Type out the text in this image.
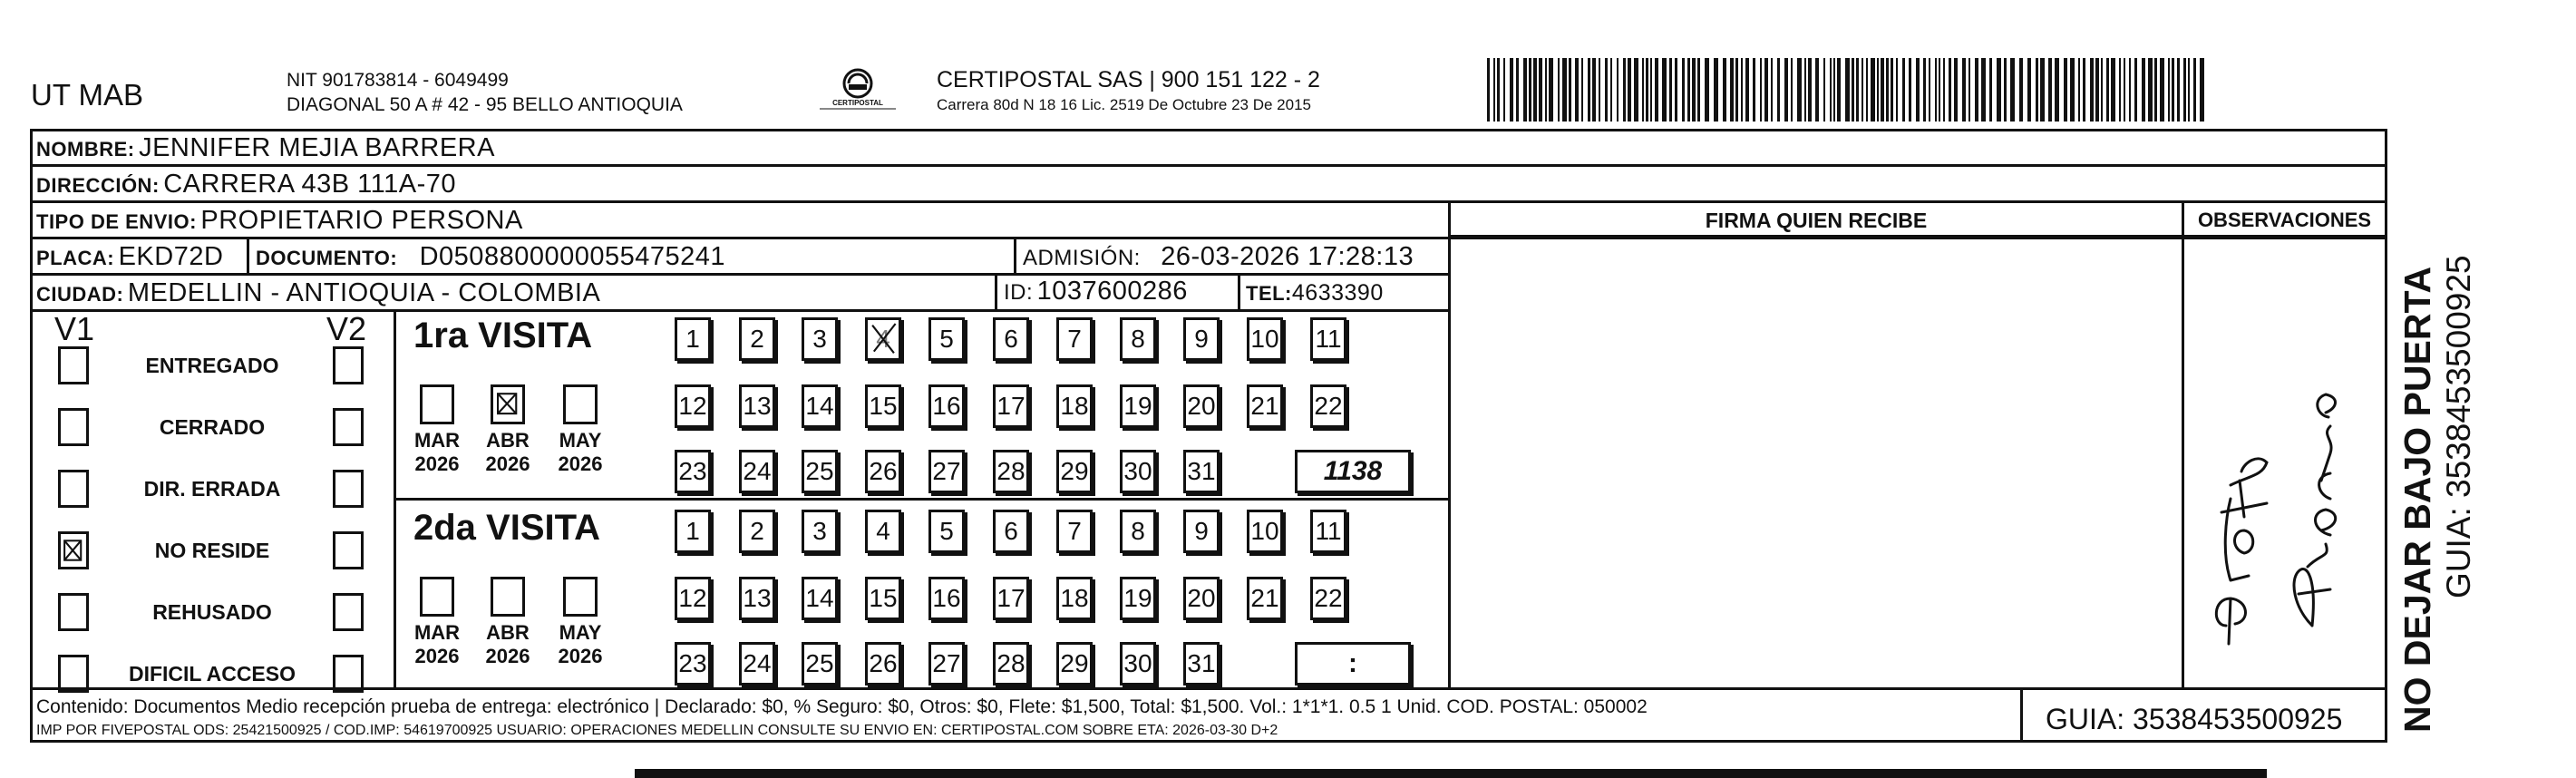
UT MAB	NIT 901783814 - 6049499
DIAGONAL 50 A # 42 - 95 BELLO ANTIOQUIA	CERTIPOSTAL
CERTIPOSTAL SAS | 900 151 122 - 2
Carrera 80d N 18 16 Lic. 2519 De Octubre 23 De 2015
NOMBRE: JENNIFER MEJIA BARRERA
DIRECCIÓN: CARRERA 43B 111A-70
TIPO DE ENVIO: PROPIETARIO PERSONA
PLACA: EKD72D DOCUMENTO: D0508800000055475241	ADMISIÓN: 26-03-2026 17:28:13
CIUDAD: MEDELLIN - ANTIOQUIA - COLOMBIA	ID: 1037600286	TEL:4633390
FIRMA QUIEN RECIBE	OBSERVACIONES
V1	V2
ENTREGADO
CERRADO
DIR. ERRADA
NO RESIDE
REHUSADO
DIFICIL ACCESO
1ra VISITA
MAR
2026
ABR
2026
MAY
2026
1	2	3	4	5	6	7	8	9	10 11
12 13 14 15 16 17 18 19 20 21 22
23 24 25 26 27 28 29 30 31	1138
2da VISITA
MAR
2026
ABR
2026
MAY
2026
1	2	3	4	5	6	7	8	9	10 11
12 13 14 15 16 17 18 19 20 21 22
23 24 25 26 27 28 29 30 31	:
Contenido: Documentos Medio recepción prueba de entrega: electrónico | Declarado: $0, % Seguro: $0, Otros: $0, Flete: $1,500, Total: $1,500. Vol.: 1*1*1. 0.5 1 Unid. COD. POSTAL: 050002
IMP POR FIVEPOSTAL ODS: 25421500925 / COD.IMP: 54619700925 USUARIO: OPERACIONES MEDELLIN CONSULTE SU ENVIO EN: CERTIPOSTAL.COM SOBRE ETA: 2026-03-30 D+2	GUIA: 3538453500925 NO DEJAR BAJO PUERTA GUIA: 3538453500925
